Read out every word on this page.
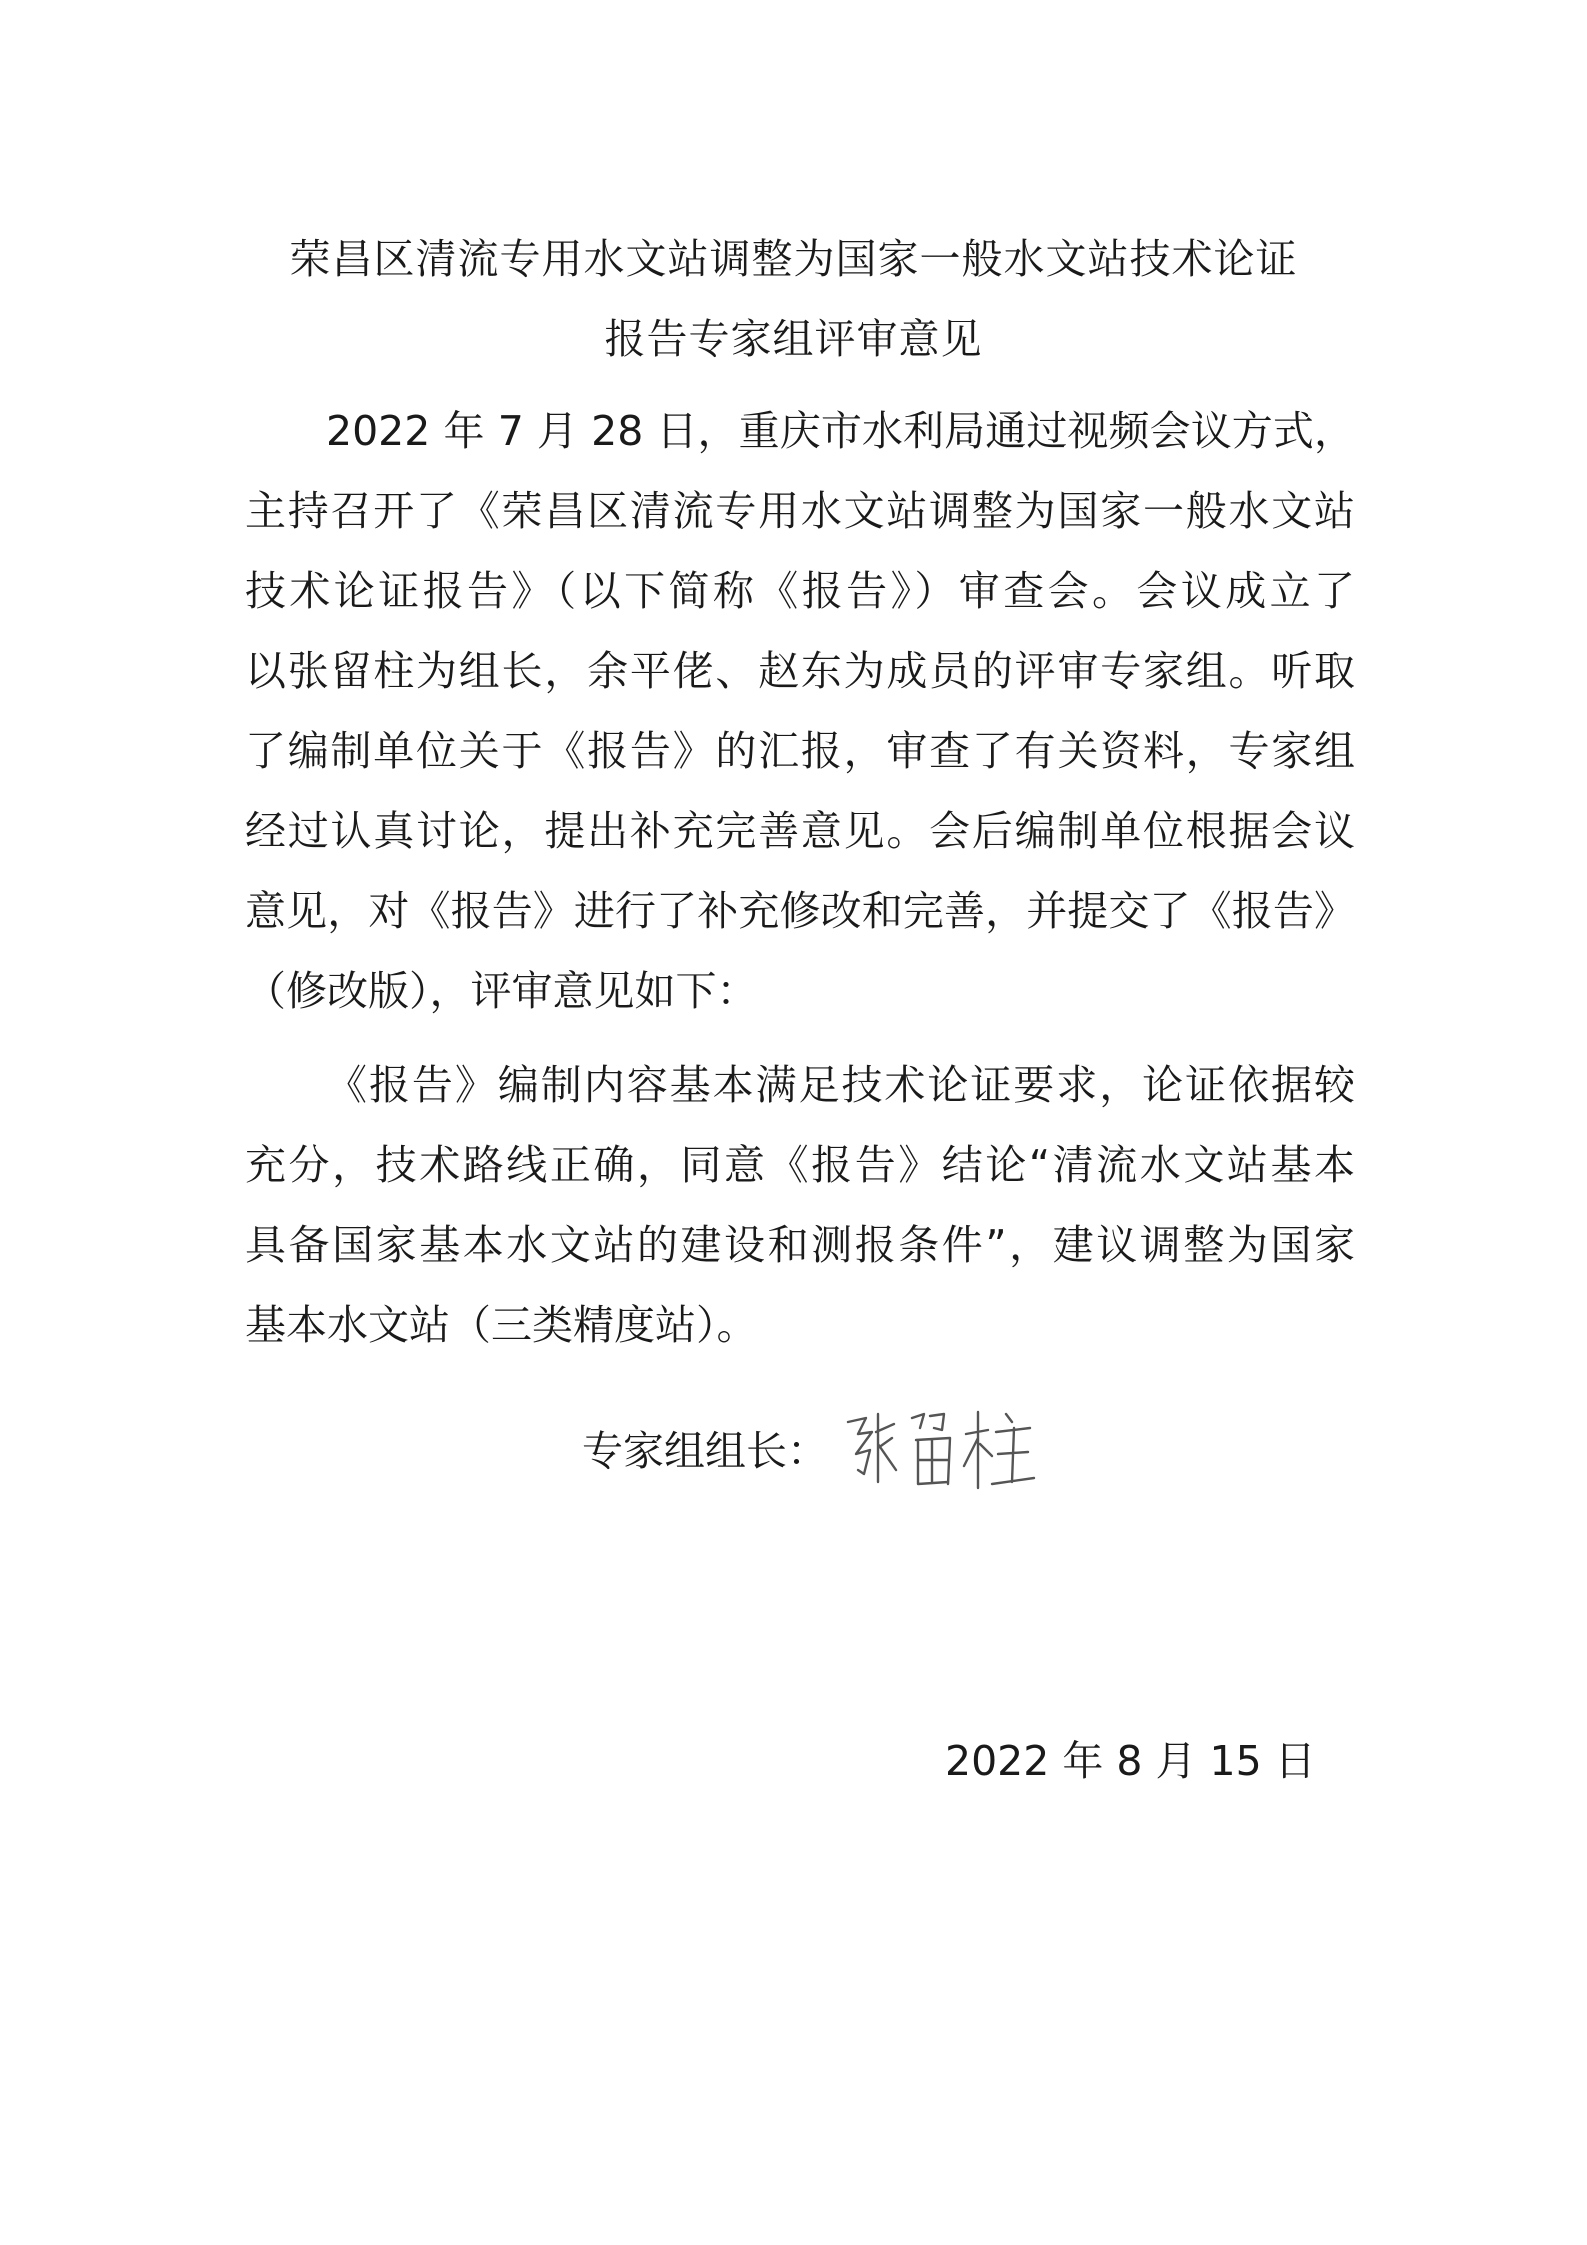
荣昌区清流专用水文站调整为国家一般水文站技术论证
报告专家组评审意见

2022 年 7 月 28 日，重庆市水利局通过视频会议方式，

主持召开了《荣昌区清流专用水文站调整为国家一般水文站

技术论证报告》（以下简称《报告》）审查会。会议成立了

以张留柱为组长，余平佬、赵东为成员的评审专家组。听取

了编制单位关于《报告》的汇报，审查了有关资料，专家组

经过认真讨论，提出补充完善意见。会后编制单位根据会议

意见，对《报告》进行了补充修改和完善，并提交了《报告》

（修改版），评审意见如下：

《报告》编制内容基本满足技术论证要求，论证依据较

充分，技术路线正确，同意《报告》结论“清流水文站基本

具备国家基本水文站的建设和测报条件”，建议调整为国家

基本水文站（三类精度站）。

专家组组长：
2022 年 8 月 15 日
